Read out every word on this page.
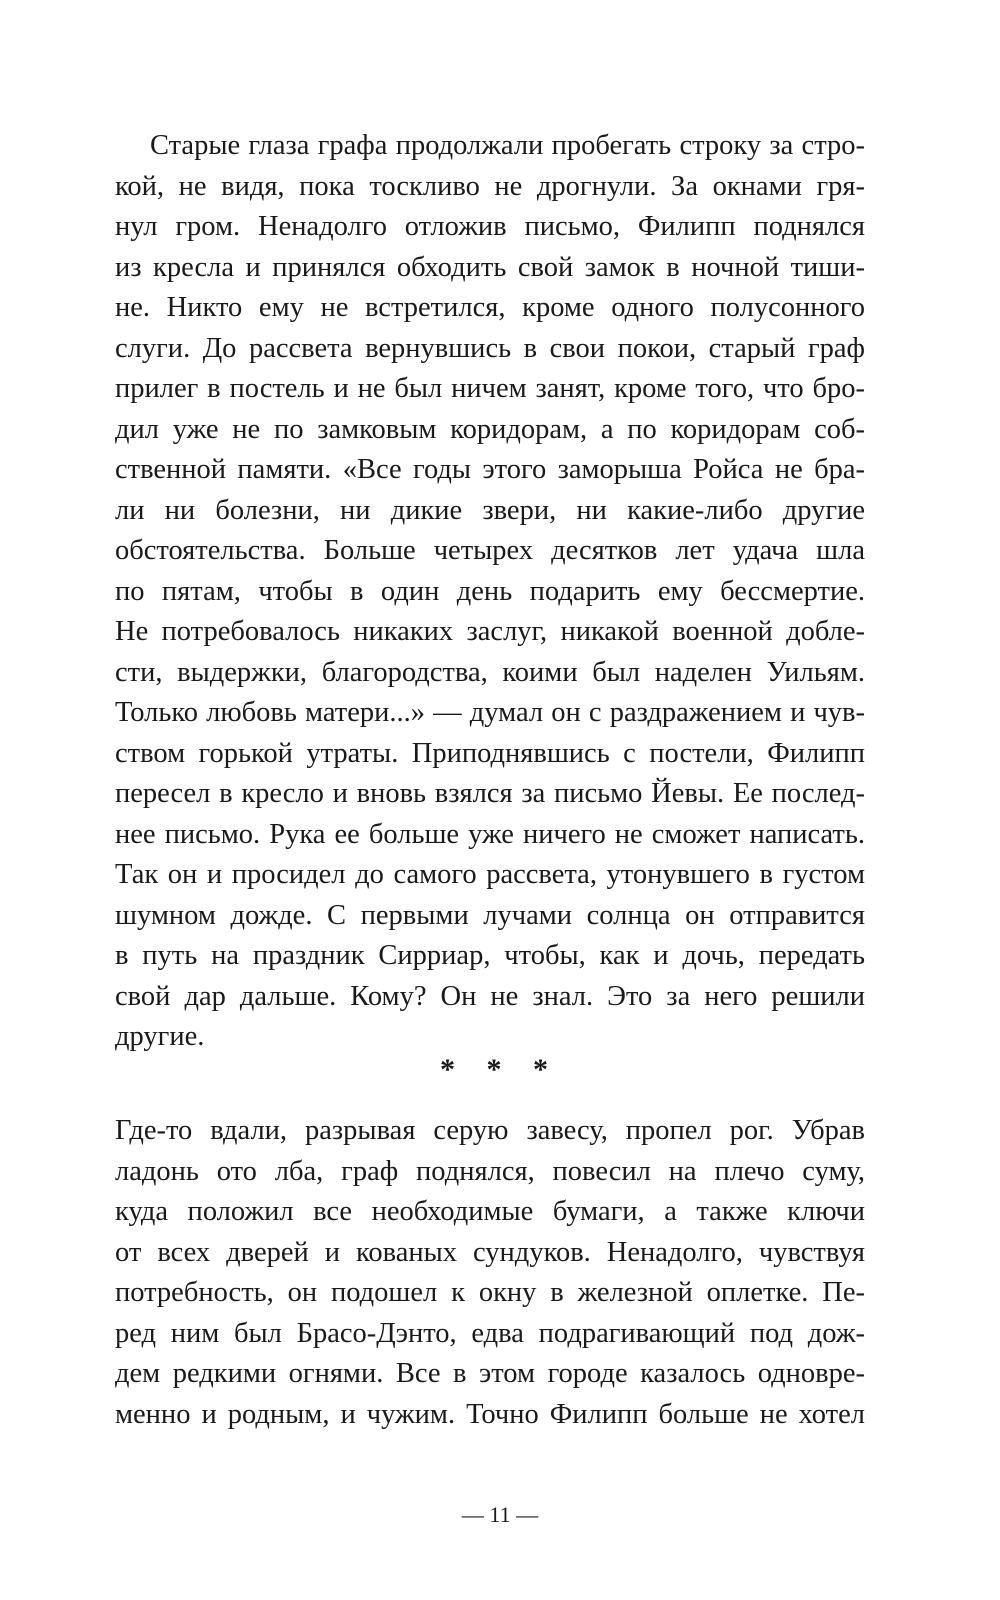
Старые глаза графа продолжали пробегать строку за стро-
кой, не видя, пока тоскливо не дрогнули. За окнами гря-
нул гром. Ненадолго отложив письмо, Филипп поднялся
из кресла и принялся обходить свой замок в ночной тиши-
не. Никто ему не встретился, кроме одного полусонного
слуги. До рассвета вернувшись в свои покои, старый граф
прилег в постель и не был ничем занят, кроме того, что бро-
дил уже не по замковым коридорам, а по коридорам соб-
ственной памяти. «Все годы этого заморыша Ройса не бра-
ли ни болезни, ни дикие звери, ни какие-либо другие
обстоятельства. Больше четырех десятков лет удача шла
по пятам, чтобы в один день подарить ему бессмертие.
Не потребовалось никаких заслуг, никакой военной добле-
сти, выдержки, благородства, коими был наделен Уильям.
Только любовь матери...» — думал он с раздражением и чув-
ством горькой утраты. Приподнявшись с постели, Филипп
пересел в кресло и вновь взялся за письмо Йевы. Ее послед-
нее письмо. Рука ее больше уже ничего не сможет написать.
Так он и просидел до самого рассвета, утонувшего в густом
шумном дожде. С первыми лучами солнца он отправится
в путь на праздник Сирриар, чтобы, как и дочь, передать
свой дар дальше. Кому? Он не знал. Это за него решили
другие.
* * *
Где-то вдали, разрывая серую завесу, пропел рог. Убрав
ладонь ото лба, граф поднялся, повесил на плечо суму,
куда положил все необходимые бумаги, а также ключи
от всех дверей и кованых сундуков. Ненадолго, чувствуя
потребность, он подошел к окну в железной оплетке. Пе-
ред ним был Брасо-Дэнто, едва подрагивающий под дож-
дем редкими огнями. Все в этом городе казалось одновре-
менно и родным, и чужим. Точно Филипп больше не хотел
— 11 —
